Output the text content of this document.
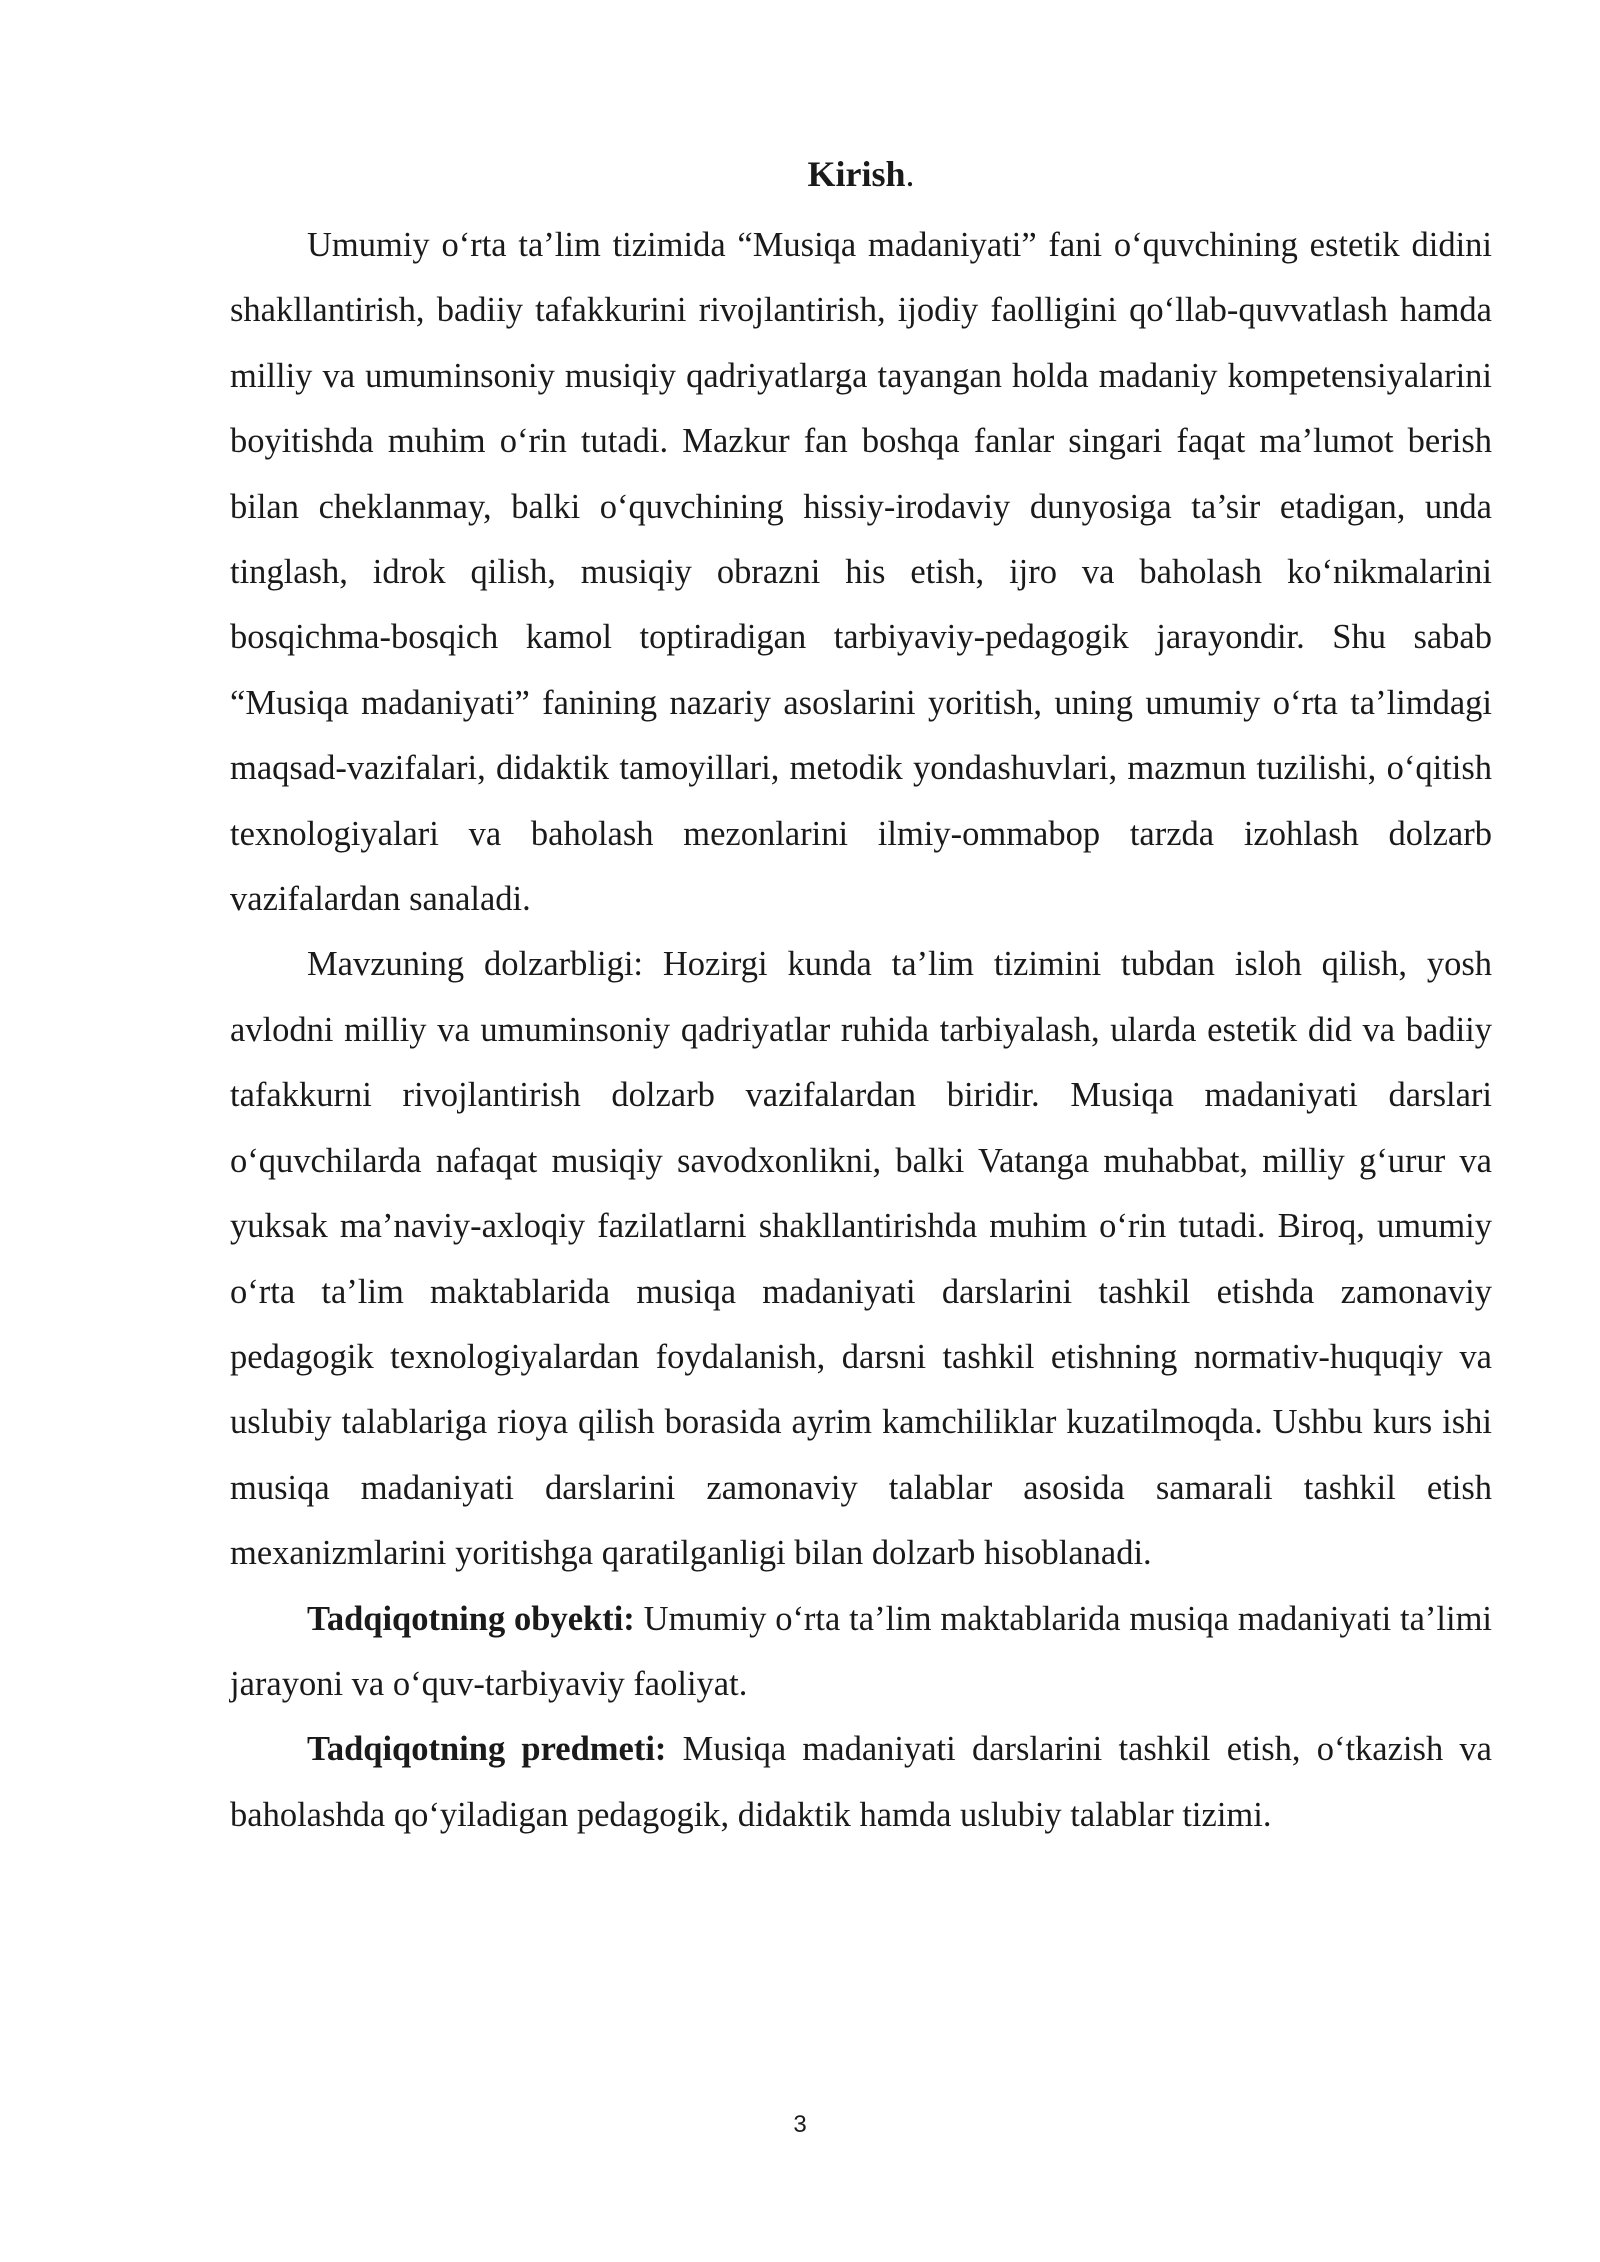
Kirish.

Umumiy o‘rta ta’lim tizimida “Musiqa madaniyati” fani o‘quvchining estetik didini shakllantirish, badiiy tafakkurini rivojlantirish, ijodiy faolligini qo‘llab-quvvatlash hamda milliy va umuminsoniy musiqiy qadriyatlarga tayangan holda madaniy kompetensiyalarini boyitishda muhim o‘rin tutadi. Mazkur fan boshqa fanlar singari faqat ma’lumot berish bilan cheklanmay, balki o‘quvchining hissiy-irodaviy dunyosiga ta’sir etadigan, unda tinglash, idrok qilish, musiqiy obrazni his etish, ijro va baholash ko‘nikmalarini bosqichma-bosqich kamol toptiradigan tarbiyaviy-pedagogik jarayondir. Shu sabab “Musiqa madaniyati” fanining nazariy asoslarini yoritish, uning umumiy o‘rta ta’limdagi maqsad-vazifalari, didaktik tamoyillari, metodik yondashuvlari, mazmun tuzilishi, o‘qitish texnologiyalari va baholash mezonlarini ilmiy-ommabop tarzda izohlash dolzarb vazifalardan sanaladi.

Mavzuning dolzarbligi: Hozirgi kunda ta’lim tizimini tubdan isloh qilish, yosh avlodni milliy va umuminsoniy qadriyatlar ruhida tarbiyalash, ularda estetik did va badiiy tafakkurni rivojlantirish dolzarb vazifalardan biridir. Musiqa madaniyati darslari o‘quvchilarda nafaqat musiqiy savodxonlikni, balki Vatanga muhabbat, milliy g‘urur va yuksak ma’naviy-axloqiy fazilatlarni shakllantirishda muhim o‘rin tutadi. Biroq, umumiy o‘rta ta’lim maktablarida musiqa madaniyati darslarini tashkil etishda zamonaviy pedagogik texnologiyalardan foydalanish, darsni tashkil etishning normativ-huquqiy va uslubiy talablariga rioya qilish borasida ayrim kamchiliklar kuzatilmoqda. Ushbu kurs ishi musiqa madaniyati darslarini zamonaviy talablar asosida samarali tashkil etish mexanizmlarini yoritishga qaratilganligi bilan dolzarb hisoblanadi.

Tadqiqotning obyekti: Umumiy o‘rta ta’lim maktablarida musiqa madaniyati ta’limi jarayoni va o‘quv-tarbiyaviy faoliyat.

Tadqiqotning predmeti: Musiqa madaniyati darslarini tashkil etish, o‘tkazish va baholashda qo‘yiladigan pedagogik, didaktik hamda uslubiy talablar tizimi.

3
